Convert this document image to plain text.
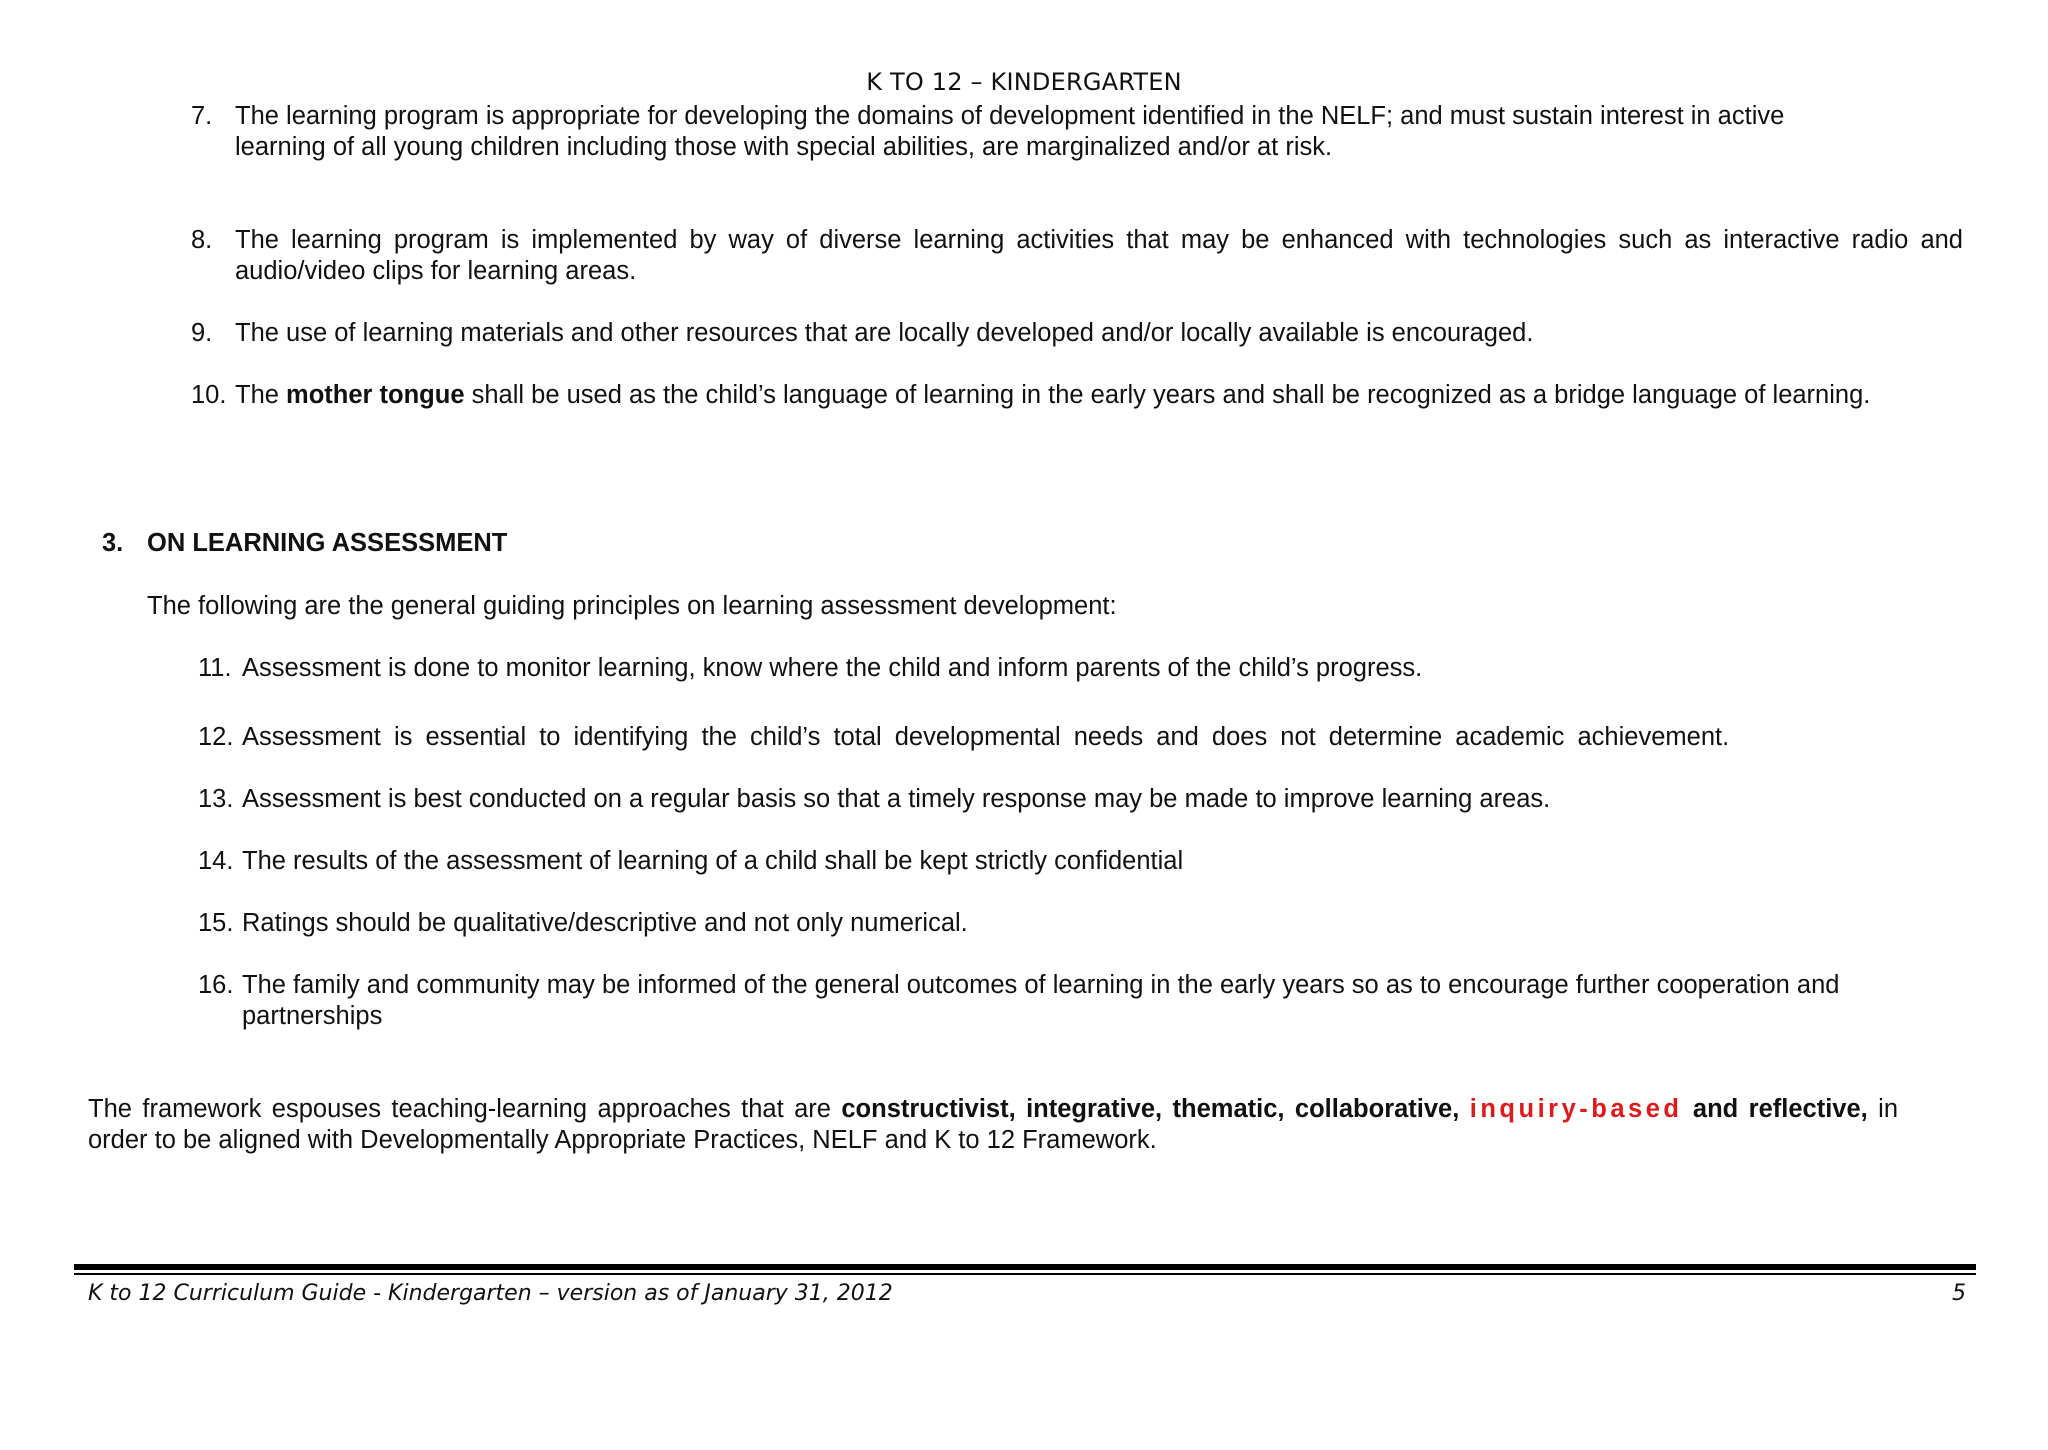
K TO 12 – KINDERGARTEN
7. The learning program is appropriate for developing the domains of development identified in the NELF; and must sustain interest in active learning of all young children including those with special abilities, are marginalized and/or at risk.
8. The learning program is implemented by way of diverse learning activities that may be enhanced with technologies such as interactive radio and audio/video clips for learning areas.
9. The use of learning materials and other resources that are locally developed and/or locally available is encouraged.
10. The mother tongue shall be used as the child’s language of learning in the early years and shall be recognized as a bridge language of learning.
3. ON LEARNING ASSESSMENT
The following are the general guiding principles on learning assessment development:
11. Assessment is done to monitor learning, know where the child and inform parents of the child’s progress.
12. Assessment is essential to identifying the child’s total developmental needs and does not determine academic achievement.
13. Assessment is best conducted on a regular basis so that a timely response may be made to improve learning areas.
14. The results of the assessment of learning of a child shall be kept strictly confidential
15. Ratings should be qualitative/descriptive and not only numerical.
16. The family and community may be informed of the general outcomes of learning in the early years so as to encourage further cooperation and partnerships
The framework espouses teaching-learning approaches that are constructivist, integrative, thematic, collaborative, inquiry-based and reflective, in order to be aligned with Developmentally Appropriate Practices, NELF and K to 12 Framework.
K to 12 Curriculum Guide - Kindergarten – version as of January 31, 2012	5
